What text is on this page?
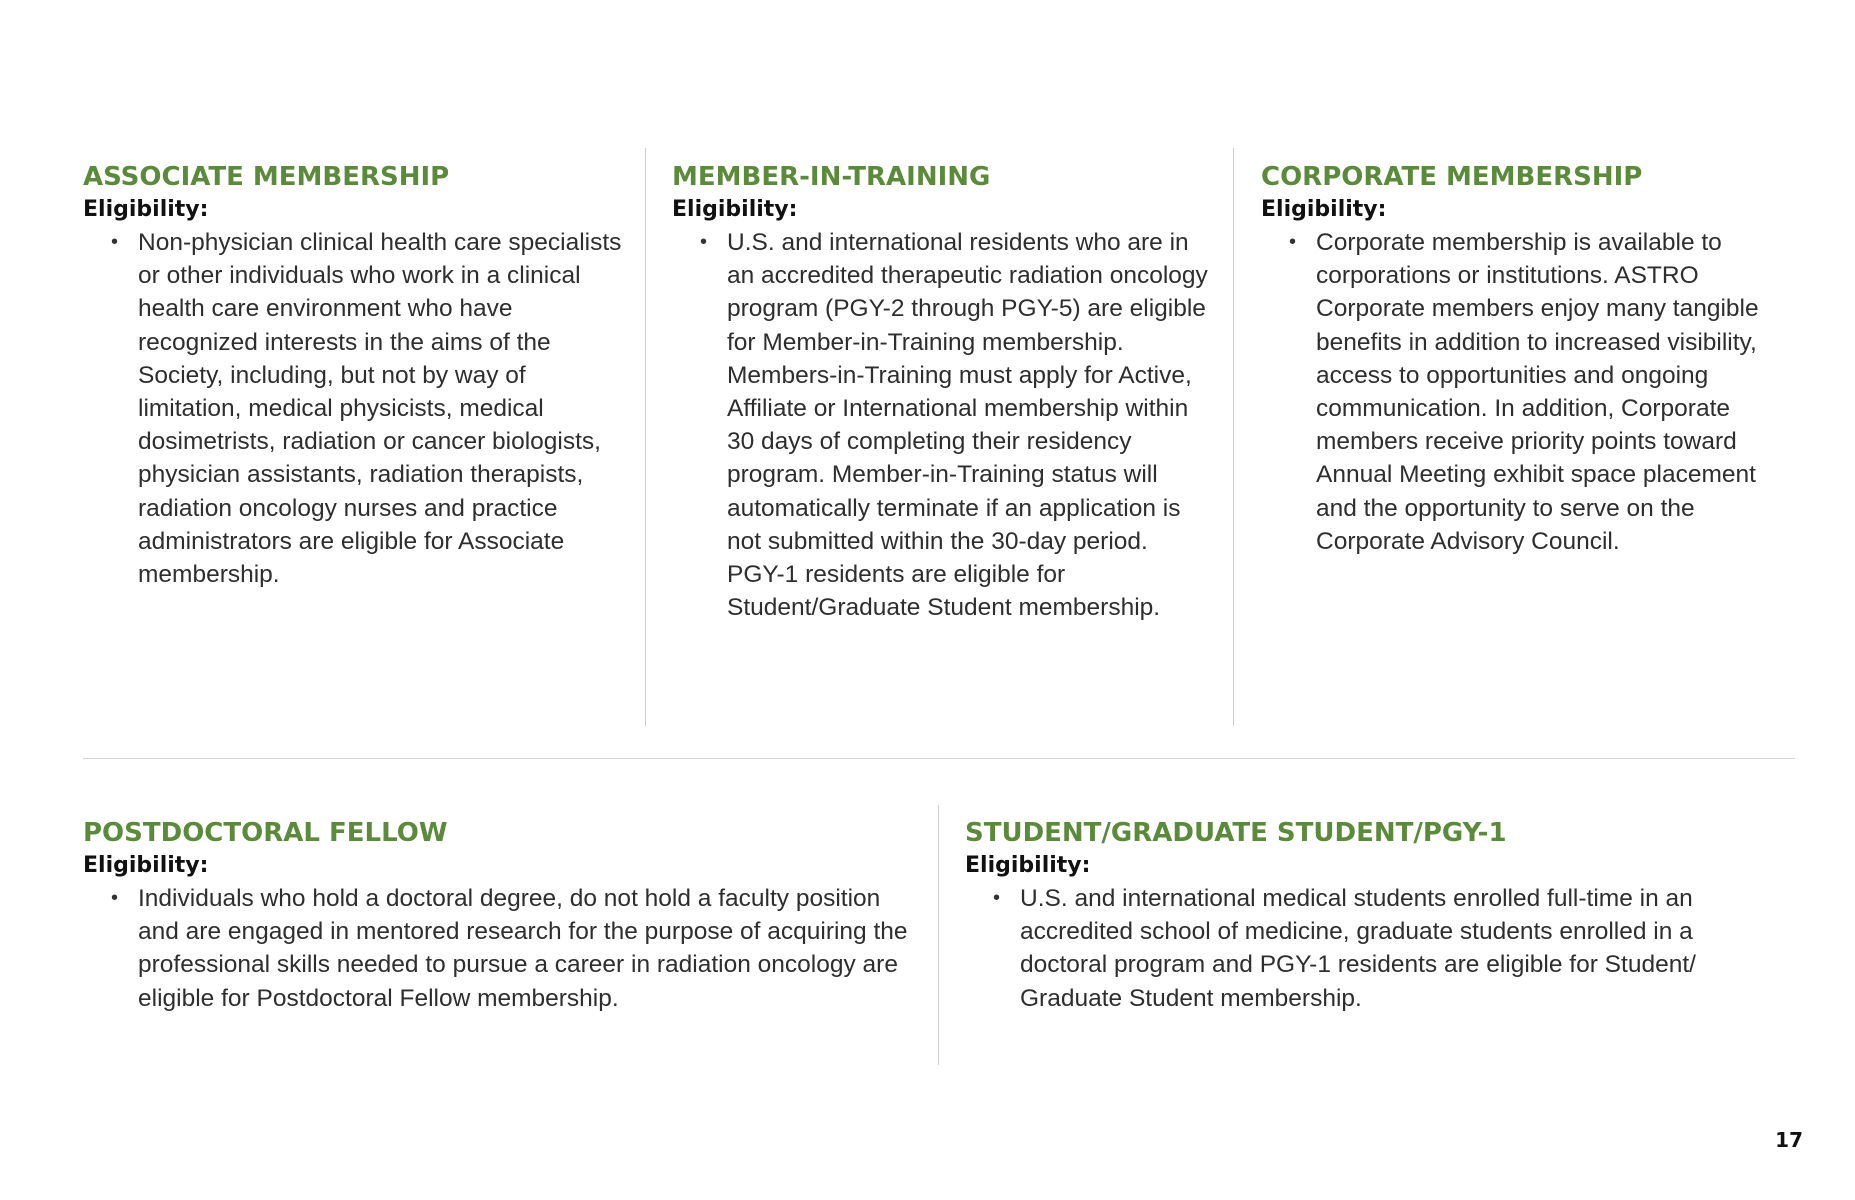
ASSOCIATE MEMBERSHIP
Eligibility:
• Non-physician clinical health care specialists or other individuals who work in a clinical health care environment who have recognized interests in the aims of the Society, including, but not by way of limitation, medical physicists, medical dosimetrists, radiation or cancer biologists, physician assistants, radiation therapists, radiation oncology nurses and practice administrators are eligible for Associate membership.
MEMBER-IN-TRAINING
Eligibility:
• U.S. and international residents who are in an accredited therapeutic radiation oncology program (PGY-2 through PGY-5) are eligible for Member-in-Training membership. Members-in-Training must apply for Active, Affiliate or International membership within 30 days of completing their residency program. Member-in-Training status will automatically terminate if an application is not submitted within the 30-day period. PGY-1 residents are eligible for Student/Graduate Student membership.
CORPORATE MEMBERSHIP
Eligibility:
• Corporate membership is available to corporations or institutions. ASTRO Corporate members enjoy many tangible benefits in addition to increased visibility, access to opportunities and ongoing communication. In addition, Corporate members receive priority points toward Annual Meeting exhibit space placement and the opportunity to serve on the Corporate Advisory Council.
POSTDOCTORAL FELLOW
Eligibility:
• Individuals who hold a doctoral degree, do not hold a faculty position and are engaged in mentored research for the purpose of acquiring the professional skills needed to pursue a career in radiation oncology are eligible for Postdoctoral Fellow membership.
STUDENT/GRADUATE STUDENT/PGY-1
Eligibility:
• U.S. and international medical students enrolled full-time in an accredited school of medicine, graduate students enrolled in a doctoral program and PGY-1 residents are eligible for Student/ Graduate Student membership.
17
